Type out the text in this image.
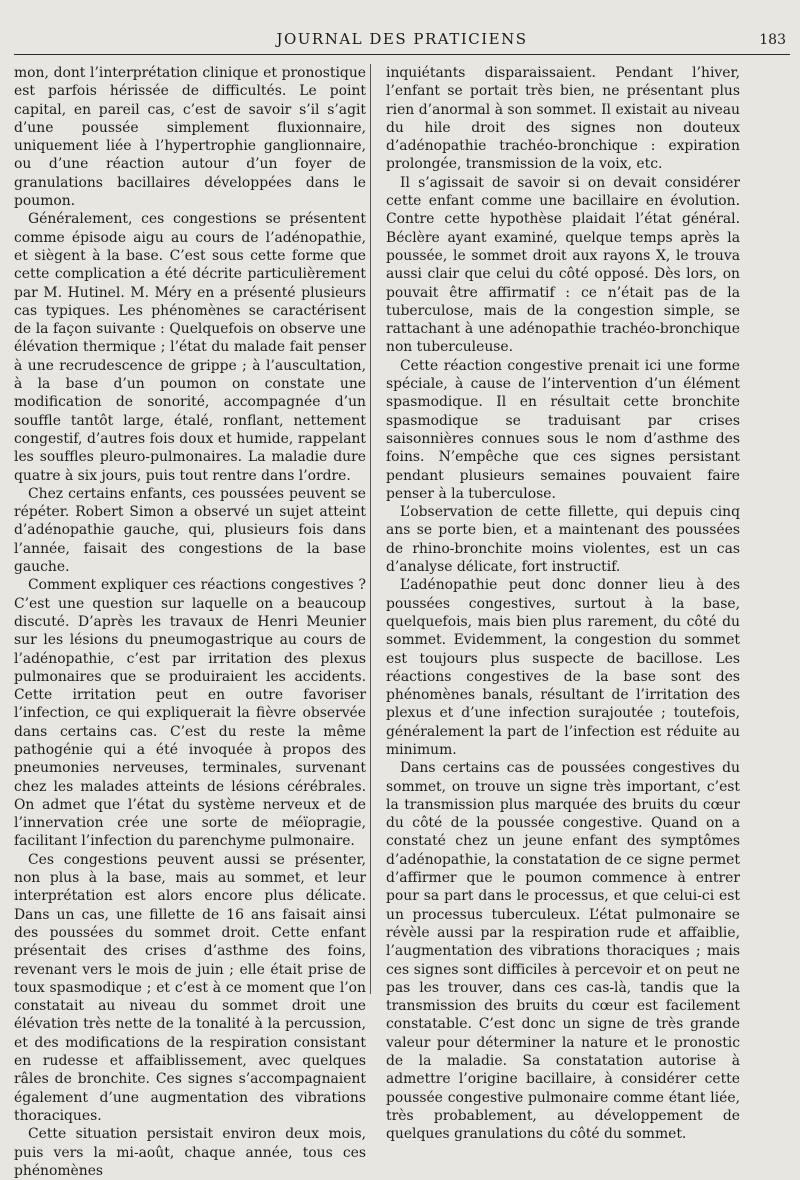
JOURNAL DES PRATICIENS	183

mon, dont l’interprétation clinique et pronostique est parfois hérissée de difficultés. Le point capital, en pareil cas, c’est de savoir s’il s’agit d’une poussée simplement fluxionnaire, uniquement liée à l’hypertrophie ganglionnaire, ou d’une réaction autour d’un foyer de granulations bacillaires développées dans le poumon.

Généralement, ces congestions se présentent comme épisode aigu au cours de l’adénopathie, et siègent à la base. C’est sous cette forme que cette complication a été décrite particulièrement par M. Hutinel. M. Méry en a présenté plusieurs cas typiques. Les phénomènes se caractérisent de la façon suivante : Quelquefois on observe une élévation thermique ; l’état du malade fait penser à une recrudescence de grippe ; à l’auscultation, à la base d’un poumon on constate une modification de sonorité, accompagnée d’un souffle tantôt large, étalé, ronflant, nettement congestif, d’autres fois doux et humide, rappelant les souffles pleuro-pulmonaires. La maladie dure quatre à six jours, puis tout rentre dans l’ordre.

Chez certains enfants, ces poussées peuvent se répéter. Robert Simon a observé un sujet atteint d’adénopathie gauche, qui, plusieurs fois dans l’année, faisait des congestions de la base gauche.

Comment expliquer ces réactions congestives ? C’est une question sur laquelle on a beaucoup discuté. D’après les travaux de Henri Meunier sur les lésions du pneumogastrique au cours de l’adénopathie, c’est par irritation des plexus pulmonaires que se produiraient les accidents. Cette irritation peut en outre favoriser l’infection, ce qui expliquerait la fièvre observée dans certains cas. C’est du reste la même pathogénie qui a été invoquée à propos des pneumonies nerveuses, terminales, survenant chez les malades atteints de lésions cérébrales. On admet que l’état du système nerveux et de l’innervation crée une sorte de méïopragie, facilitant l’infection du parenchyme pulmonaire.

Ces congestions peuvent aussi se présenter, non plus à la base, mais au sommet, et leur interprétation est alors encore plus délicate. Dans un cas, une fillette de 16 ans faisait ainsi des poussées du sommet droit. Cette enfant présentait des crises d’asthme des foins, revenant vers le mois de juin ; elle était prise de toux spasmodique ; et c’est à ce moment que l’on constatait au niveau du sommet droit une élévation très nette de la tonalité à la percussion, et des modifications de la respiration consistant en rudesse et affaiblissement, avec quelques râles de bronchite. Ces signes s’accompagnaient également d’une augmentation des vibrations thoraciques.

Cette situation persistait environ deux mois, puis vers la mi-août, chaque année, tous ces phénomènes

inquiétants disparaissaient. Pendant l’hiver, l’enfant se portait très bien, ne présentant plus rien d’anormal à son sommet. Il existait au niveau du hile droit des signes non douteux d’adénopathie trachéo-bronchique : expiration prolongée, transmission de la voix, etc.

Il s’agissait de savoir si on devait considérer cette enfant comme une bacillaire en évolution. Contre cette hypothèse plaidait l’état général. Béclère ayant examiné, quelque temps après la poussée, le sommet droit aux rayons X, le trouva aussi clair que celui du côté opposé. Dès lors, on pouvait être affirmatif : ce n’était pas de la tuberculose, mais de la congestion simple, se rattachant à une adénopathie trachéo-bronchique non tuberculeuse.

Cette réaction congestive prenait ici une forme spéciale, à cause de l’intervention d’un élément spasmodique. Il en résultait cette bronchite spasmodique se traduisant par crises saisonnières connues sous le nom d’asthme des foins. N’empêche que ces signes persistant pendant plusieurs semaines pouvaient faire penser à la tuberculose.

L’observation de cette fillette, qui depuis cinq ans se porte bien, et a maintenant des poussées de rhino-bronchite moins violentes, est un cas d’analyse délicate, fort instructif.

L’adénopathie peut donc donner lieu à des poussées congestives, surtout à la base, quelquefois, mais bien plus rarement, du côté du sommet. Evidemment, la congestion du sommet est toujours plus suspecte de bacillose. Les réactions congestives de la base sont des phénomènes banals, résultant de l’irritation des plexus et d’une infection surajoutée ; toutefois, généralement la part de l’infection est réduite au minimum.

Dans certains cas de poussées congestives du sommet, on trouve un signe très important, c’est la transmission plus marquée des bruits du cœur du côté de la poussée congestive. Quand on a constaté chez un jeune enfant des symptômes d’adénopathie, la constatation de ce signe permet d’affirmer que le poumon commence à entrer pour sa part dans le processus, et que celui-ci est un processus tuberculeux. L’état pulmonaire se révèle aussi par la respiration rude et affaiblie, l’augmentation des vibrations thoraciques ; mais ces signes sont difficiles à percevoir et on peut ne pas les trouver, dans ces cas-là, tandis que la transmission des bruits du cœur est facilement constatable. C’est donc un signe de très grande valeur pour déterminer la nature et le pronostic de la maladie. Sa constatation autorise à admettre l’origine bacillaire, à considérer cette poussée congestive pulmonaire comme étant liée, très probablement, au développement de quelques granulations du côté du sommet.
